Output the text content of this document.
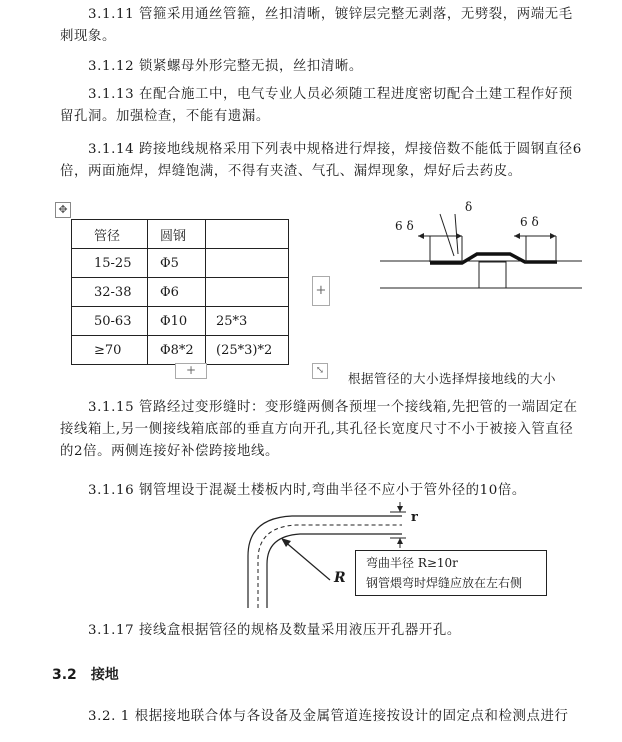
3.1.11 管箍采用通丝管箍，丝扣清晰，镀锌层完整无剥落，无劈裂，两端无毛刺现象。

3.1.12 锁紧螺母外形完整无损，丝扣清晰。

3.1.13 在配合施工中，电气专业人员必须随工程进度密切配合土建工程作好预留孔洞。加强检查，不能有遗漏。

3.1.14 跨接地线规格采用下列表中规格进行焊接，焊接倍数不能低于圆钢直径6倍，两面施焊，焊缝饱满，不得有夹渣、气孔、漏焊现象，焊好后去药皮。

✥
管径	圆钢	
15-25	Φ5	
32-38	Φ6	
50-63	Φ10	25*3
≥70	Φ8*2	(25*3)*2
+
+	⤡
6 δ
δ
6 δ
根据管径的大小选择焊接地线的大小

3.1.15 管路经过变形缝时：变形缝两侧各预埋一个接线箱,先把管的一端固定在接线箱上,另一侧接线箱底部的垂直方向开孔,其孔径长宽度尺寸不小于被接入管直径的2倍。两侧连接好补偿跨接地线。

3.1.16 钢管埋设于混凝土楼板内时,弯曲半径不应小于管外径的10倍。

r
R
弯曲半径 R≥10r
钢管煨弯时焊缝应放在左右侧

3.1.17 接线盒根据管径的规格及数量采用液压开孔器开孔。

3.2 接地

3.2. 1 根据接地联合体与各设备及金属管道连接按设计的固定点和检测点进行
